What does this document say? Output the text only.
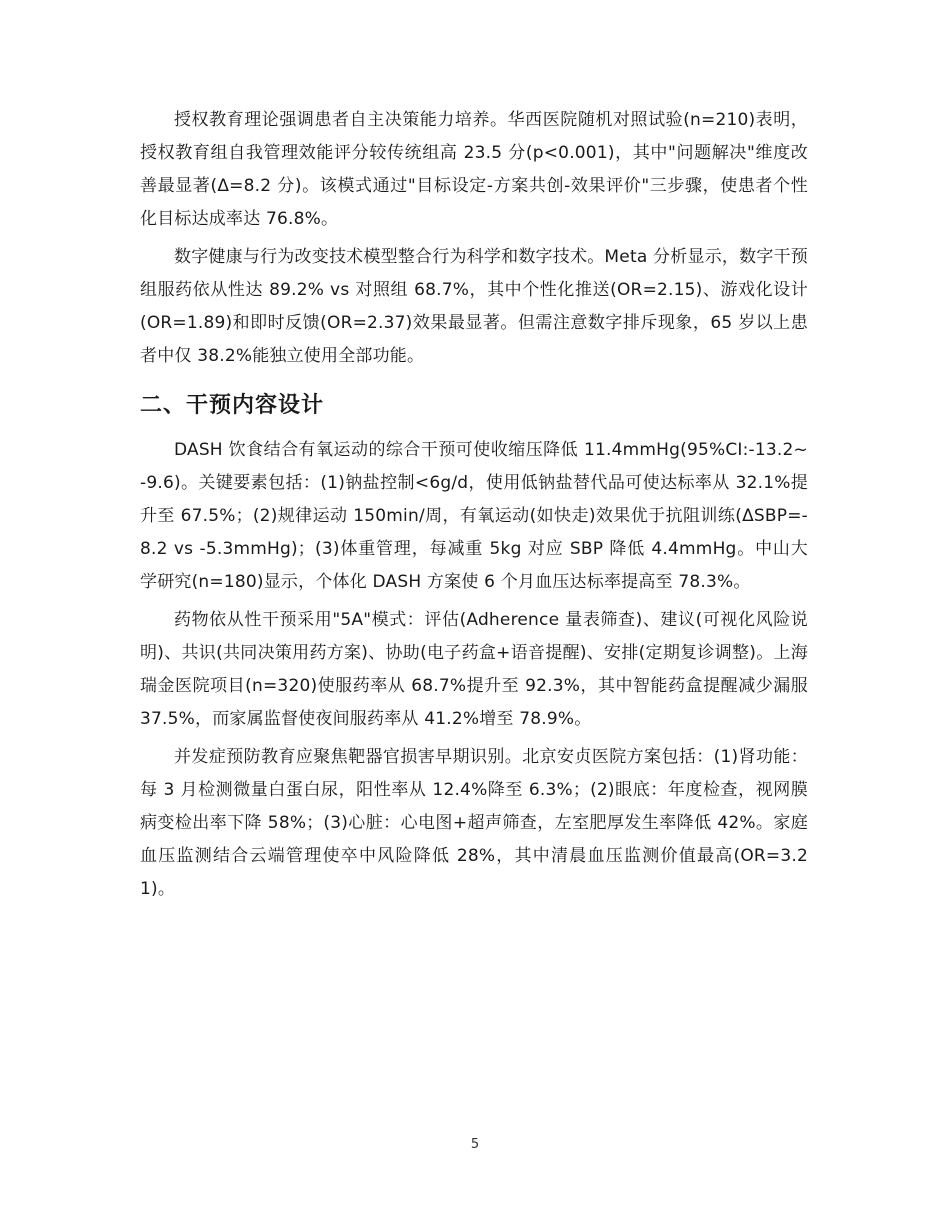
授权教育理论强调患者自主决策能力培养。华西医院随机对照试验(n=210)表明，授权教育组自我管理效能评分较传统组高 23.5 分(p<0.001)，其中"问题解决"维度改善最显著(Δ=8.2 分)。该模式通过"目标设定-方案共创-效果评价"三步骤，使患者个性化目标达成率达 76.8%。

数字健康与行为改变技术模型整合行为科学和数字技术。Meta 分析显示，数字干预组服药依从性达 89.2% vs 对照组 68.7%，其中个性化推送(OR=2.15)、游戏化设计(OR=1.89)和即时反馈(OR=2.37)效果最显著。但需注意数字排斥现象，65 岁以上患者中仅 38.2%能独立使用全部功能。

二、干预内容设计

DASH 饮食结合有氧运动的综合干预可使收缩压降低 11.4mmHg(95%CI:-13.2~-9.6)。关键要素包括：(1)钠盐控制<6g/d，使用低钠盐替代品可使达标率从 32.1%提升至 67.5%；(2)规律运动 150min/周，有氧运动(如快走)效果优于抗阻训练(ΔSBP=-8.2 vs -5.3mmHg)；(3)体重管理，每减重 5kg 对应 SBP 降低 4.4mmHg。中山大学研究(n=180)显示，个体化 DASH 方案使 6 个月血压达标率提高至 78.3%。

药物依从性干预采用"5A"模式：评估(Adherence 量表筛查)、建议(可视化风险说明)、共识(共同决策用药方案)、协助(电子药盒+语音提醒)、安排(定期复诊调整)。上海瑞金医院项目(n=320)使服药率从 68.7%提升至 92.3%，其中智能药盒提醒减少漏服 37.5%，而家属监督使夜间服药率从 41.2%增至 78.9%。

并发症预防教育应聚焦靶器官损害早期识别。北京安贞医院方案包括：(1)肾功能：每 3 月检测微量白蛋白尿，阳性率从 12.4%降至 6.3%；(2)眼底：年度检查，视网膜病变检出率下降 58%；(3)心脏：心电图+超声筛查，左室肥厚发生率降低 42%。家庭血压监测结合云端管理使卒中风险降低 28%，其中清晨血压监测价值最高(OR=3.21)。

5
